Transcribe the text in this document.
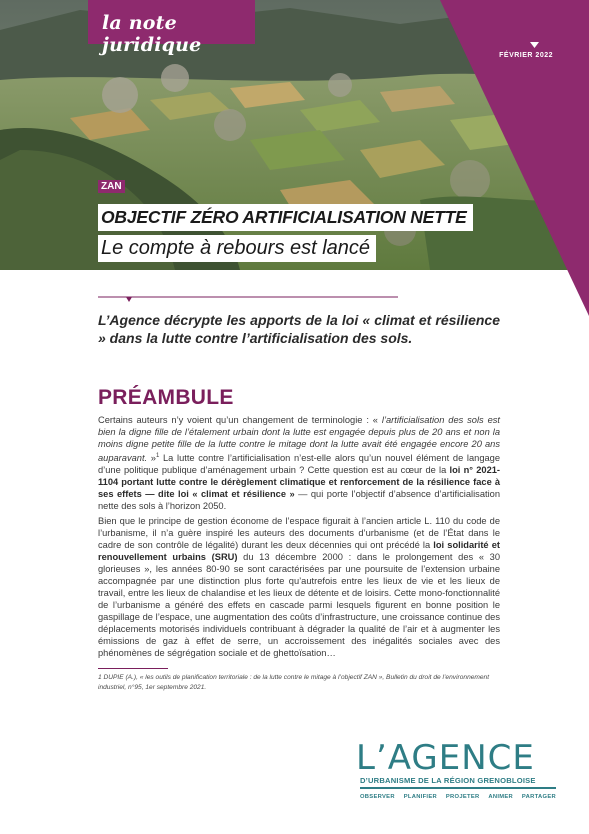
la note juridique	FÉVRIER 2022
ZAN
OBJECTIF ZÉRO ARTIFICIALISATION NETTE
Le compte à rebours est lancé
L’Agence décrypte les apports de la loi « climat et résilience » dans la lutte contre l’artificialisation des sols.
PRÉAMBULE
Certains auteurs n’y voient qu’un changement de terminologie : « l’artificialisation des sols est bien la digne fille de l’étalement urbain dont la lutte est engagée depuis plus de 20 ans et non la moins digne petite fille de la lutte contre le mitage dont la lutte avait été engagée encore 20 ans auparavant. »$^1$ La lutte contre l’artificialisation n’est-elle alors qu’un nouvel élément de langage d’une politique publique d’aménagement urbain ? Cette question est au cœur de la loi n° 2021-1104 portant lutte contre le dérèglement climatique et renforcement de la résilience face à ses effets — dite loi « climat et résilience » — qui porte l’objectif d’absence d’artificialisation nette des sols à l’horizon 2050.
Bien que le principe de gestion économe de l’espace figurait à l’ancien article L. 110 du code de l’urbanisme, il n’a guère inspiré les auteurs des documents d’urbanisme (et de l’État dans le cadre de son contrôle de légalité) durant les deux décennies qui ont précédé la loi solidarité et renouvellement urbains (SRU) du 13 décembre 2000 : dans le prolongement des « 30 glorieuses », les années 80-90 se sont caractérisées par une poursuite de l’extension urbaine accompagnée par une distinction plus forte qu’autrefois entre les lieux de vie et les lieux de travail, entre les lieux de chalandise et les lieux de détente et de loisirs. Cette mono-fonctionnalité de l’urbanisme a généré des effets en cascade parmi lesquels figurent en bonne position le gaspillage de l’espace, une augmentation des coûts d’infrastructure, une croissance continue des déplacements motorisés individuels contribuant à dégrader la qualité de l’air et à augmenter les émissions de gaz à effet de serre, un accroissement des inégalités sociales avec des phénomènes de ségrégation sociale et de ghettoïsation…
1 DUPIE (A.), « les outils de planification territoriale : de la lutte contre le mitage à l’objectif ZAN », Bulletin du droit de l’environnement industriel, n°95, 1er septembre 2021.
L’AGENCE
D’URBANISME DE LA RÉGION GRENOBLOISE
OBSERVER PLANIFIER PROJETER ANIMER PARTAGER
